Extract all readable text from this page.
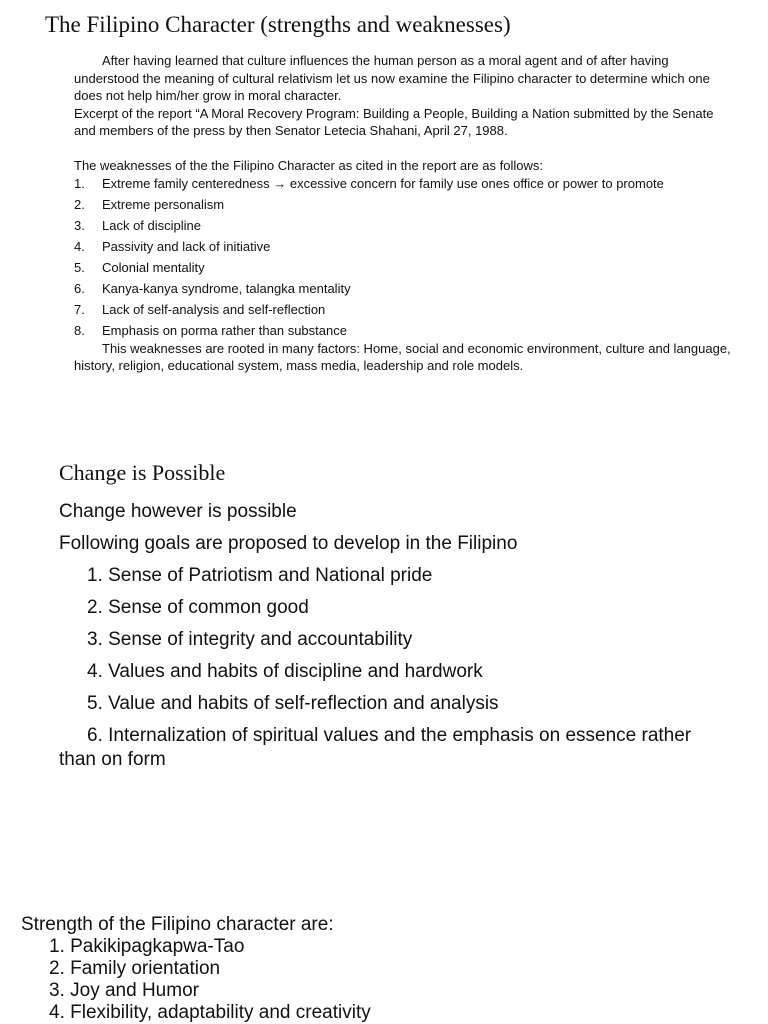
The Filipino Character (strengths and weaknesses)

After having learned that culture influences the human person as a moral agent and of after having understood the meaning of cultural relativism let us now examine the Filipino character to determine which one does not help him/her grow in moral character.

Excerpt of the report “A Moral Recovery Program: Building a People, Building a Nation submitted by the Senate and members of the press by then Senator Letecia Shahani, April 27, 1988.

The weaknesses of the the Filipino Character as cited in the report are as follows:

1.	Extreme family centeredness → excessive concern for family use ones office or power to promote
2.	Extreme personalism
3.	Lack of discipline
4.	Passivity and lack of initiative
5.	Colonial mentality
6.	Kanya-kanya syndrome, talangka mentality
7.	Lack of self-analysis and self-reflection
8.	Emphasis on porma rather than substance

This weaknesses are rooted in many factors: Home, social and economic environment, culture and language, history, religion, educational system, mass media, leadership and role models.

Change is Possible

Change however is possible

Following goals are proposed to develop in the Filipino

1. Sense of Patriotism and National pride

2. Sense of common good

3. Sense of integrity and accountability

4. Values and habits of discipline and hardwork

5. Value and habits of self-reflection and analysis

6. Internalization of spiritual values and the emphasis on essence rather than on form

Strength of the Filipino character are:

1. Pakikipagkapwa-Tao

2. Family orientation

3. Joy and Humor

4. Flexibility, adaptability and creativity
